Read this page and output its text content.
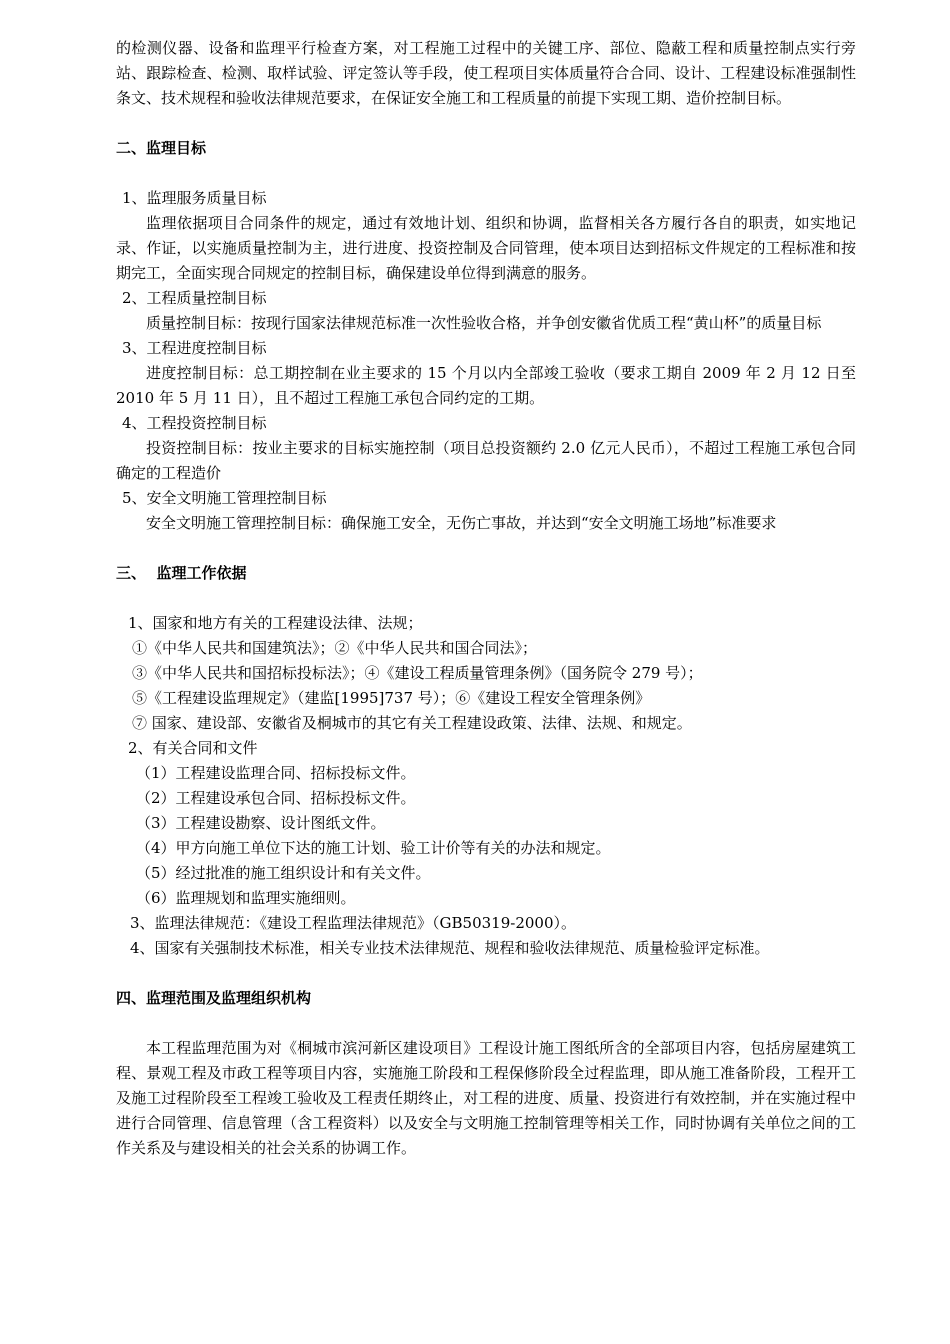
的检测仪器、设备和监理平行检查方案，对工程施工过程中的关键工序、部位、隐蔽工程和质量控制点实行旁站、跟踪检查、检测、取样试验、评定签认等手段，使工程项目实体质量符合合同、设计、工程建设标准强制性条文、技术规程和验收法律规范要求，在保证安全施工和工程质量的前提下实现工期、造价控制目标。

二、监理目标

1、监理服务质量目标

监理依据项目合同条件的规定，通过有效地计划、组织和协调，监督相关各方履行各自的职责，如实地记录、作证，以实施质量控制为主，进行进度、投资控制及合同管理，使本项目达到招标文件规定的工程标准和按期完工，全面实现合同规定的控制目标，确保建设单位得到满意的服务。

2、工程质量控制目标

质量控制目标：按现行国家法律规范标准一次性验收合格，并争创安徽省优质工程“黄山杯”的质量目标

3、工程进度控制目标

进度控制目标：总工期控制在业主要求的 15 个月以内全部竣工验收（要求工期自 2009 年 2 月 12 日至 2010 年 5 月 11 日），且不超过工程施工承包合同约定的工期。

4、工程投资控制目标

投资控制目标：按业主要求的目标实施控制（项目总投资额约 2.0 亿元人民币），不超过工程施工承包合同确定的工程造价

5、安全文明施工管理控制目标

安全文明施工管理控制目标：确保施工安全，无伤亡事故，并达到“安全文明施工场地”标准要求

三、  监理工作依据

1、国家和地方有关的工程建设法律、法规；

①《中华人民共和国建筑法》；②《中华人民共和国合同法》；

③《中华人民共和国招标投标法》；④《建设工程质量管理条例》（国务院令 279 号）；

⑤《工程建设监理规定》（建监[1995]737 号）；⑥《建设工程安全管理条例》

⑦ 国家、建设部、安徽省及桐城市的其它有关工程建设政策、法律、法规、和规定。

2、有关合同和文件

（1）工程建设监理合同、招标投标文件。

（2）工程建设承包合同、招标投标文件。

（3）工程建设勘察、设计图纸文件。

（4）甲方向施工单位下达的施工计划、验工计价等有关的办法和规定。

（5）经过批准的施工组织设计和有关文件。

（6）监理规划和监理实施细则。

3、监理法律规范：《建设工程监理法律规范》（GB50319-2000）。

4、国家有关强制技术标准，相关专业技术法律规范、规程和验收法律规范、质量检验评定标准。

四、监理范围及监理组织机构

本工程监理范围为对《桐城市滨河新区建设项目》工程设计施工图纸所含的全部项目内容，包括房屋建筑工程、景观工程及市政工程等项目内容，实施施工阶段和工程保修阶段全过程监理，即从施工准备阶段，工程开工及施工过程阶段至工程竣工验收及工程责任期终止，对工程的进度、质量、投资进行有效控制，并在实施过程中进行合同管理、信息管理（含工程资料）以及安全与文明施工控制管理等相关工作，同时协调有关单位之间的工作关系及与建设相关的社会关系的协调工作。
